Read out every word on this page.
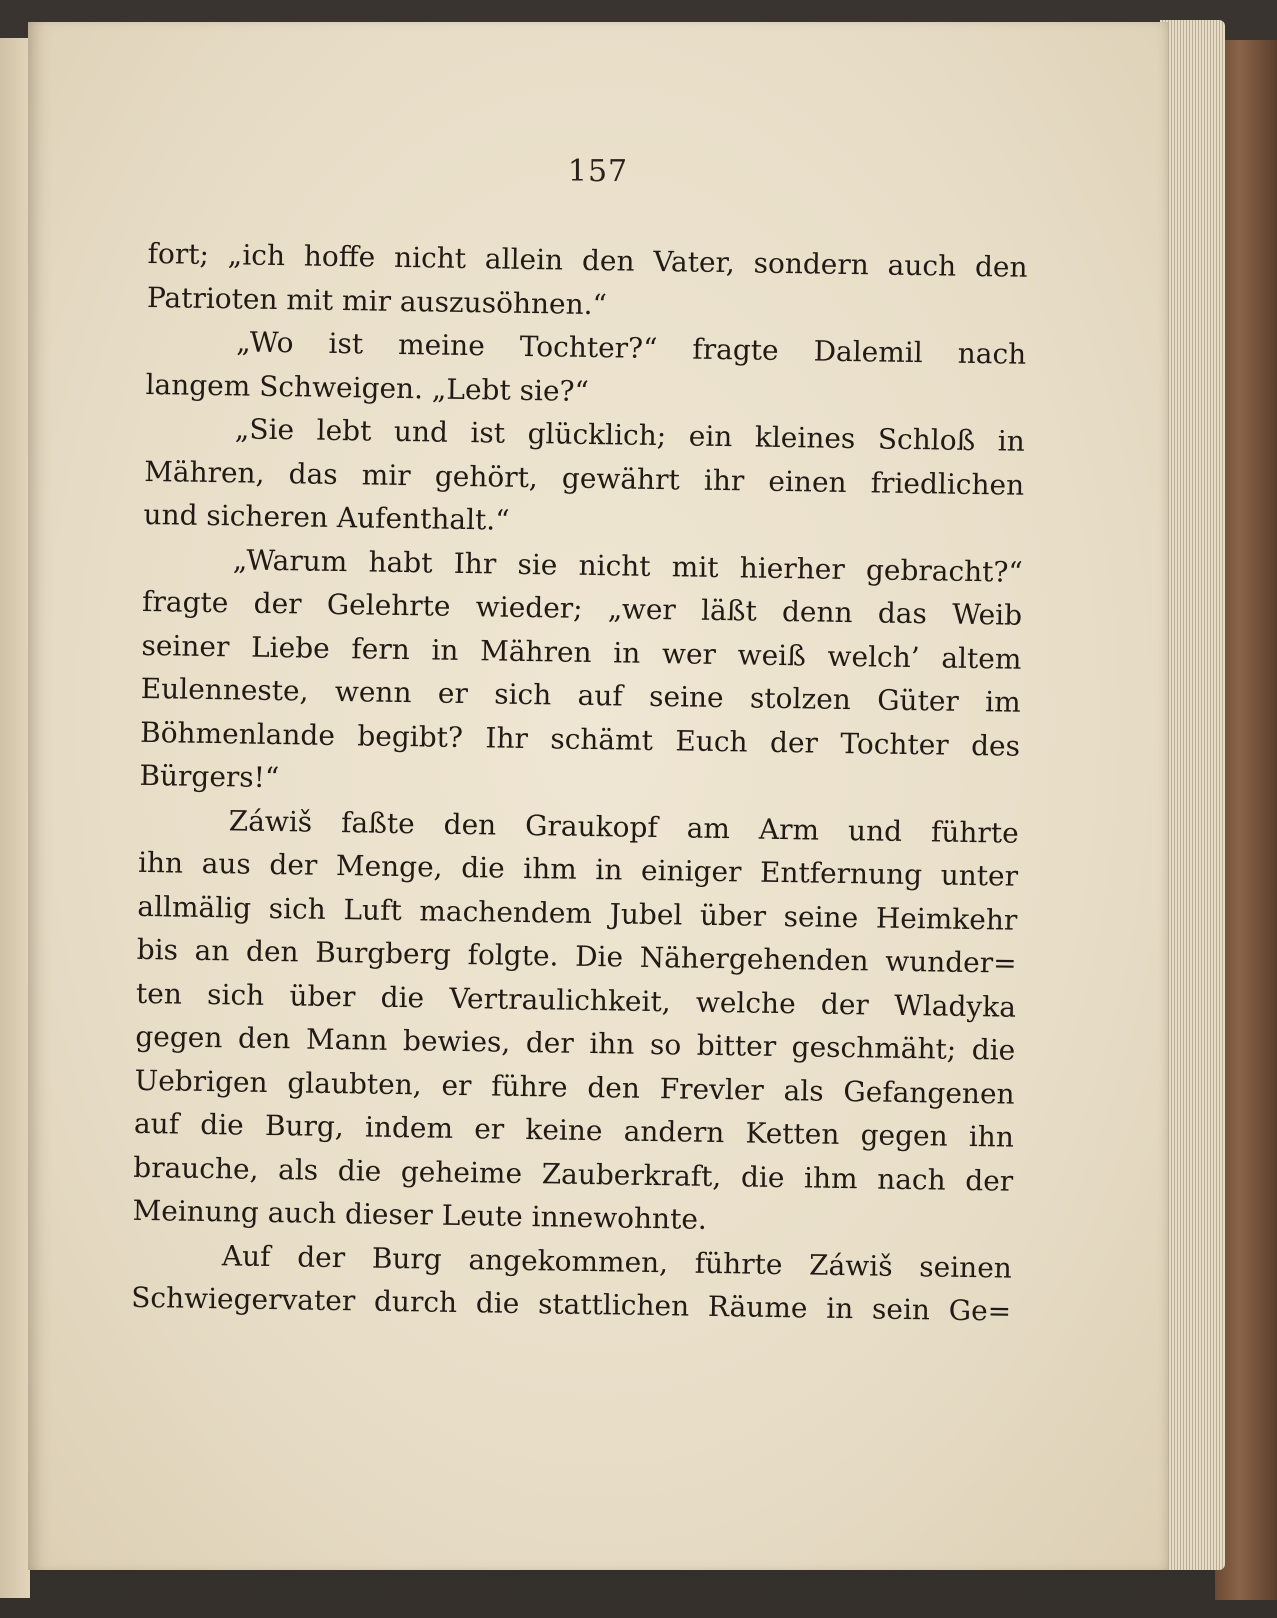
157
fort; „ich hoffe nicht allein den Vater, sondern auch den
Patrioten mit mir auszusöhnen.“
„Wo ist meine Tochter?“ fragte Dalemil nach
langem Schweigen. „Lebt sie?“
„Sie lebt und ist glücklich; ein kleines Schloß in
Mähren, das mir gehört, gewährt ihr einen friedlichen
und sicheren Aufenthalt.“
„Warum habt Ihr sie nicht mit hierher gebracht?“
fragte der Gelehrte wieder; „wer läßt denn das Weib
seiner Liebe fern in Mähren in wer weiß welch’ altem
Eulenneste, wenn er sich auf seine stolzen Güter im
Böhmenlande begibt? Ihr schämt Euch der Tochter des
Bürgers!“
Záwiš faßte den Graukopf am Arm und führte
ihn aus der Menge, die ihm in einiger Entfernung unter
allmälig sich Luft machendem Jubel über seine Heimkehr
bis an den Burgberg folgte. Die Nähergehenden wunder=
ten sich über die Vertraulichkeit, welche der Wladyka
gegen den Mann bewies, der ihn so bitter geschmäht; die
Uebrigen glaubten, er führe den Frevler als Gefangenen
auf die Burg, indem er keine andern Ketten gegen ihn
brauche, als die geheime Zauberkraft, die ihm nach der
Meinung auch dieser Leute innewohnte.
Auf der Burg angekommen, führte Záwiš seinen
Schwiegervater durch die stattlichen Räume in sein Ge=
